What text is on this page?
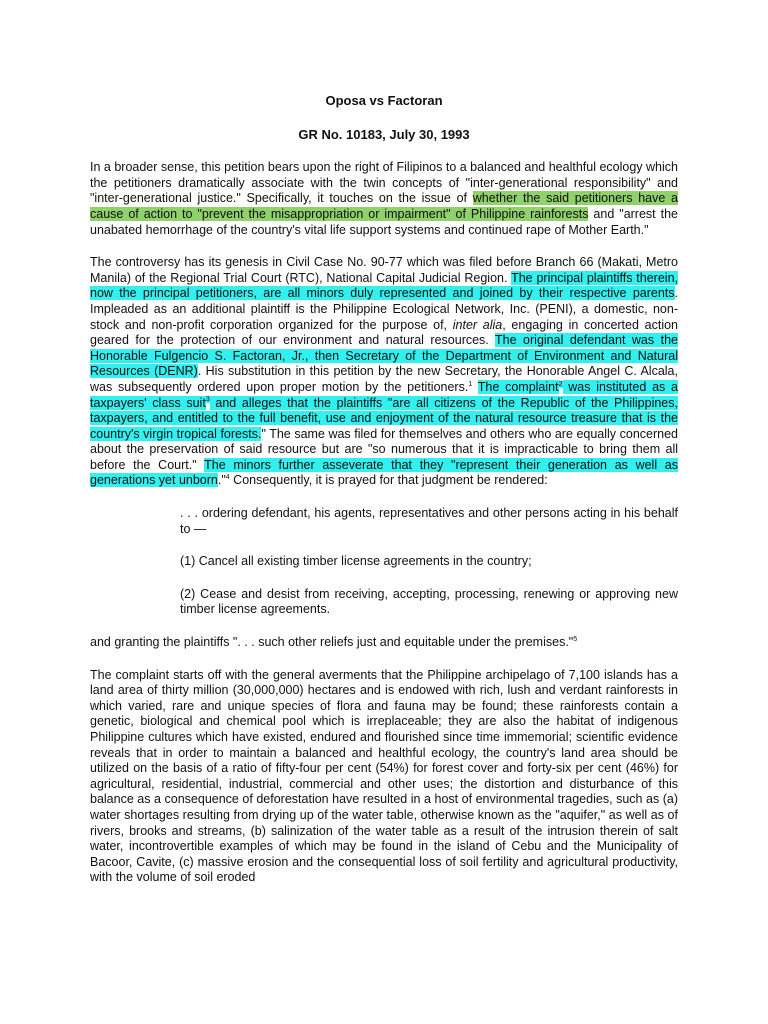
Oposa vs Factoran
GR No. 10183, July 30, 1993

In a broader sense, this petition bears upon the right of Filipinos to a balanced and healthful ecology which the petitioners dramatically associate with the twin concepts of "inter-generational responsibility" and "inter-generational justice." Specifically, it touches on the issue of whether the said petitioners have a cause of action to "prevent the misappropriation or impairment" of Philippine rainforests and "arrest the unabated hemorrhage of the country's vital life support systems and continued rape of Mother Earth."

The controversy has its genesis in Civil Case No. 90-77 which was filed before Branch 66 (Makati, Metro Manila) of the Regional Trial Court (RTC), National Capital Judicial Region. The principal plaintiffs therein, now the principal petitioners, are all minors duly represented and joined by their respective parents. Impleaded as an additional plaintiff is the Philippine Ecological Network, Inc. (PENI), a domestic, non-stock and non-profit corporation organized for the purpose of, inter alia, engaging in concerted action geared for the protection of our environment and natural resources. The original defendant was the Honorable Fulgencio S. Factoran, Jr., then Secretary of the Department of Environment and Natural Resources (DENR). His substitution in this petition by the new Secretary, the Honorable Angel C. Alcala, was subsequently ordered upon proper motion by the petitioners.$^1$ The complaint$^2$ was instituted as a taxpayers' class suit$^3$ and alleges that the plaintiffs "are all citizens of the Republic of the Philippines, taxpayers, and entitled to the full benefit, use and enjoyment of the natural resource treasure that is the country's virgin tropical forests." The same was filed for themselves and others who are equally concerned about the preservation of said resource but are "so numerous that it is impracticable to bring them all before the Court." The minors further asseverate that they "represent their generation as well as generations yet unborn."$^4$ Consequently, it is prayed for that judgment be rendered:

. . . ordering defendant, his agents, representatives and other persons acting in his behalf to —

(1) Cancel all existing timber license agreements in the country;

(2) Cease and desist from receiving, accepting, processing, renewing or approving new timber license agreements.

and granting the plaintiffs ". . . such other reliefs just and equitable under the premises."$^5$

The complaint starts off with the general averments that the Philippine archipelago of 7,100 islands has a land area of thirty million (30,000,000) hectares and is endowed with rich, lush and verdant rainforests in which varied, rare and unique species of flora and fauna may be found; these rainforests contain a genetic, biological and chemical pool which is irreplaceable; they are also the habitat of indigenous Philippine cultures which have existed, endured and flourished since time immemorial; scientific evidence reveals that in order to maintain a balanced and healthful ecology, the country's land area should be utilized on the basis of a ratio of fifty-four per cent (54%) for forest cover and forty-six per cent (46%) for agricultural, residential, industrial, commercial and other uses; the distortion and disturbance of this balance as a consequence of deforestation have resulted in a host of environmental tragedies, such as (a) water shortages resulting from drying up of the water table, otherwise known as the "aquifer," as well as of rivers, brooks and streams, (b) salinization of the water table as a result of the intrusion therein of salt water, incontrovertible examples of which may be found in the island of Cebu and the Municipality of Bacoor, Cavite, (c) massive erosion and the consequential loss of soil fertility and agricultural productivity, with the volume of soil eroded
